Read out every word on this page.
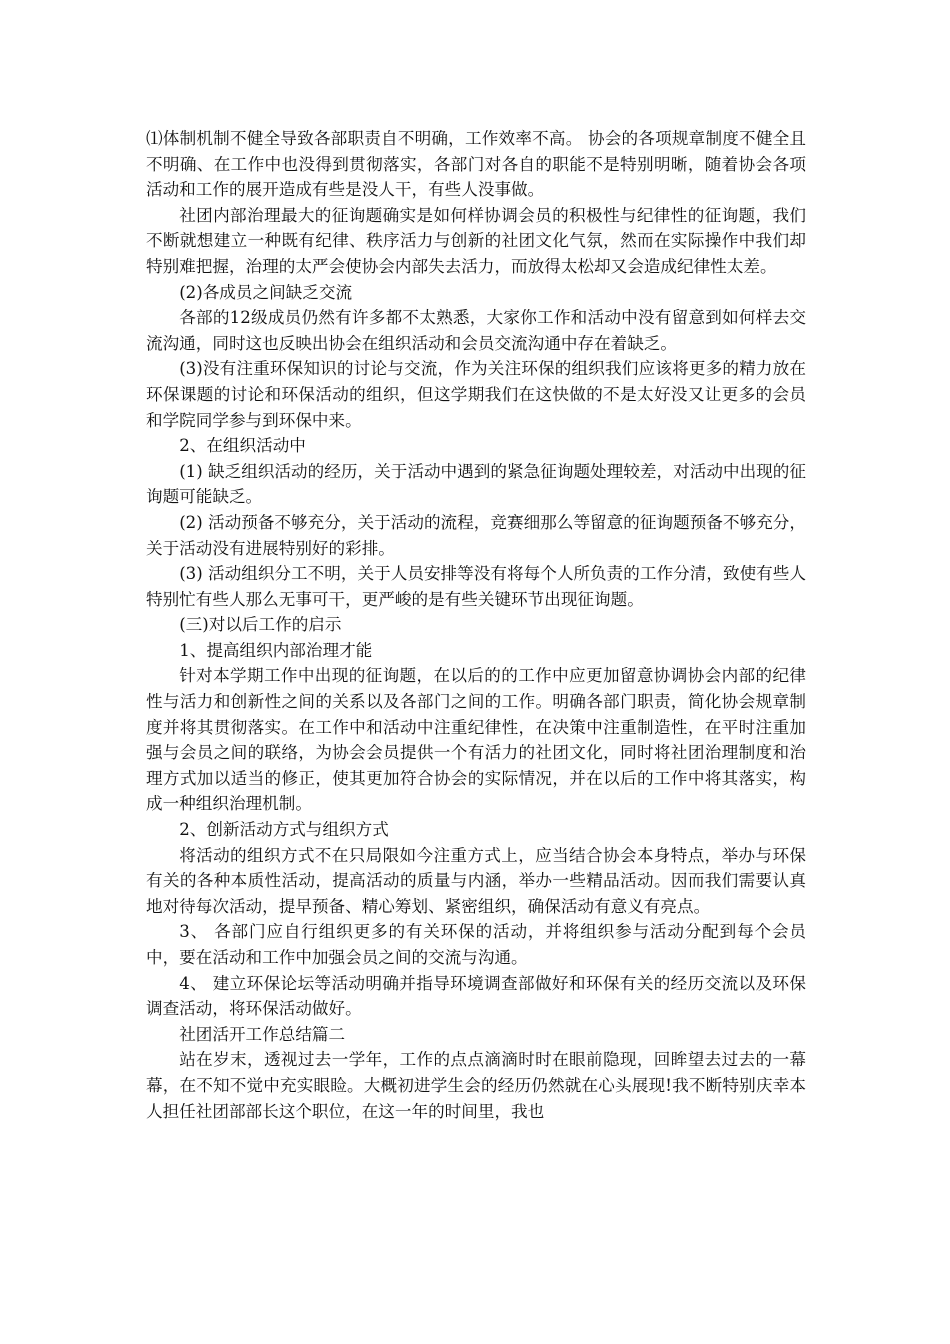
⑴体制机制不健全导致各部职责自不明确，工作效率不高。 协会的各项规章制度不健全且不明确、在工作中也没得到贯彻落实，各部门对各自的职能不是特别明晰，随着协会各项活动和工作的展开造成有些是没人干，有些人没事做。

社团内部治理最大的征询题确实是如何样协调会员的积极性与纪律性的征询题，我们不断就想建立一种既有纪律、秩序活力与创新的社团文化气氛，然而在实际操作中我们却特别难把握，治理的太严会使协会内部失去活力，而放得太松却又会造成纪律性太差。

(2)各成员之间缺乏交流

各部的12级成员仍然有许多都不太熟悉，大家你工作和活动中没有留意到如何样去交流沟通，同时这也反映出协会在组织活动和会员交流沟通中存在着缺乏。

(3)没有注重环保知识的讨论与交流，作为关注环保的组织我们应该将更多的精力放在环保课题的讨论和环保活动的组织，但这学期我们在这快做的不是太好没又让更多的会员和学院同学参与到环保中来。

2、在组织活动中

(1) 缺乏组织活动的经历，关于活动中遇到的紧急征询题处理较差，对活动中出现的征询题可能缺乏。

(2) 活动预备不够充分，关于活动的流程，竞赛细那么等留意的征询题预备不够充分，关于活动没有进展特别好的彩排。

(3) 活动组织分工不明，关于人员安排等没有将每个人所负责的工作分清，致使有些人特别忙有些人那么无事可干，更严峻的是有些关键环节出现征询题。

(三)对以后工作的启示

1、提高组织内部治理才能

针对本学期工作中出现的征询题，在以后的的工作中应更加留意协调协会内部的纪律性与活力和创新性之间的关系以及各部门之间的工作。明确各部门职责，简化协会规章制度并将其贯彻落实。在工作中和活动中注重纪律性，在决策中注重制造性，在平时注重加强与会员之间的联络，为协会会员提供一个有活力的社团文化，同时将社团治理制度和治理方式加以适当的修正，使其更加符合协会的实际情况，并在以后的工作中将其落实，构成一种组织治理机制。

2、创新活动方式与组织方式

将活动的组织方式不在只局限如今注重方式上，应当结合协会本身特点，举办与环保有关的各种本质性活动，提高活动的质量与内涵，举办一些精品活动。因而我们需要认真地对待每次活动，提早预备、精心筹划、紧密组织，确保活动有意义有亮点。

3、 各部门应自行组织更多的有关环保的活动，并将组织参与活动分配到每个会员中，要在活动和工作中加强会员之间的交流与沟通。

4、 建立环保论坛等活动明确并指导环境调查部做好和环保有关的经历交流以及环保调查活动，将环保活动做好。

社团活开工作总结篇二

站在岁末，透视过去一学年，工作的点点滴滴时时在眼前隐现，回眸望去过去的一幕幕，在不知不觉中充实眼睑。大概初进学生会的经历仍然就在心头展现!我不断特别庆幸本人担任社团部部长这个职位，在这一年的时间里，我也
